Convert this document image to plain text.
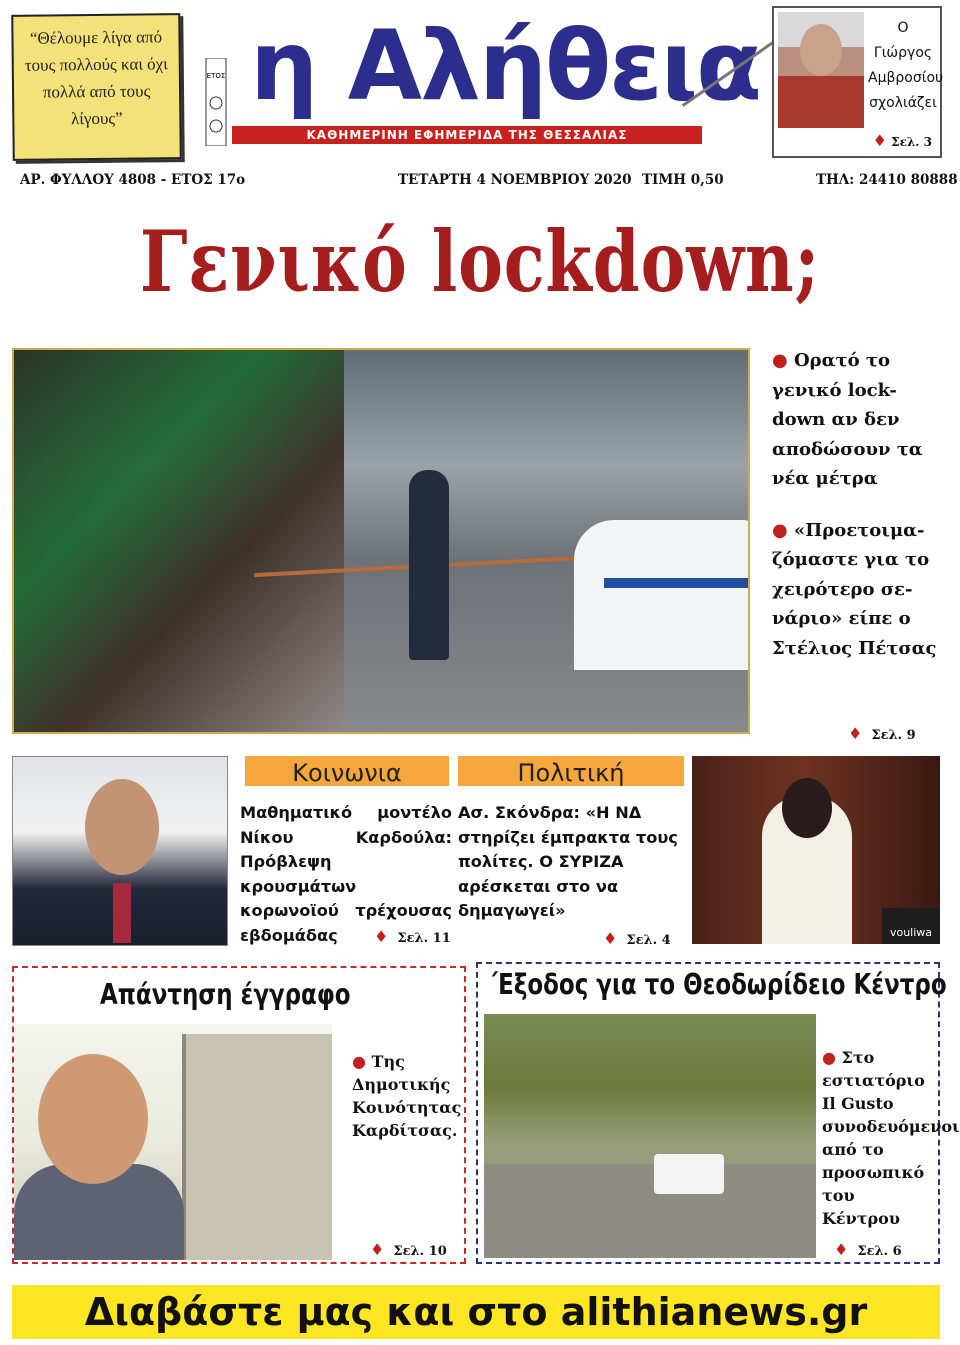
“Θέλουμε λίγα από τους πολλούς και όχι πολλά από τους λίγους”

ΕΤΟΣ η Αλήθεια
ΚΑΘΗΜΕΡΙΝΗ ΕΦΗΜΕΡΙΔΑ ΤΗΣ ΘΕΣΣΑΛΙΑΣ
Ο Γιώργος Αμβροσίου σχολιάζει
♦ Σελ. 3
ΑΡ. ΦΥΛΛΟΥ 4808 - ΕΤΟΣ 17ο	ΤΕΤΑΡΤΗ 4 ΝΟΕΜΒΡΙΟΥ 2020 ΤΙΜΗ 0,50	ΤΗΛ: 24410 80888
Γενικό lockdown;

● Ορατό το γενικό lock-down αν δεν αποδώσουν τα νέα μέτρα

● «Προετοιμα-ζόμαστε για το χειρότερο σε-νάριο» είπε ο Στέλιος Πέτσας

♦ Σελ. 9
Κοινωνια
Μαθηματικό μοντέλο Νίκου Καρδούλα: Πρόβλεψη κρουσμάτων κορωνοϊού τρέχουσας εβδομάδας	♦ Σελ. 11
Πολιτική
Ασ. Σκόνδρα: «Η ΝΔ στηρίζει έμπρακτα τους πολίτες. Ο ΣΥΡΙΖΑ αρέσκεται στο να δημαγωγεί»
♦ Σελ. 4
vouliwa
Απάντηση έγγραφο
● Της Δημοτικής Κοινότητας Καρδίτσας.
♦ Σελ. 10
΄Εξοδος για το Θεοδωρίδειο Κέντρο
● Στο εστιατόριο Il Gusto συνοδευόμενοι από το προσωπικό του Κέντρου
♦ Σελ. 6
Διαβάστε μας και στο alithianews.gr
